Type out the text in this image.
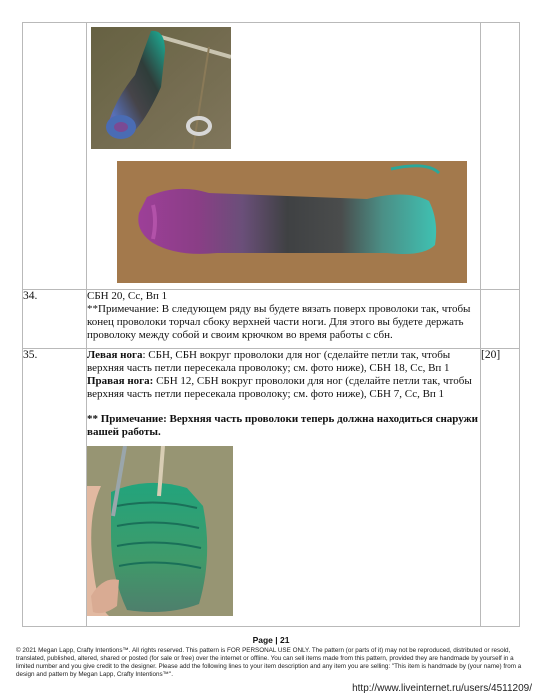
34.	СБН 20, Сс, Вп 1

**Примечание: В следующем ряду вы будете вязать поверх проволоки так, чтобы конец проволоки торчал сбоку верхней части ноги. Для этого вы будете держать проволоку между собой и своим крючком во время работы с сбн.	

35.	Левая нога: СБН, СБН вокруг проволоки для ног (сделайте петли так, чтобы верхняя часть петли пересекала проволоку; см. фото ниже), СБН 18, Сс, Вп 1

Правая нога: СБН 12, СБН вокруг проволоки для ног (сделайте петли так, чтобы верхняя часть петли пересекала проволоку; см. фото ниже), СБН 7, Сс, Вп 1

** Примечание: Верхняя часть проволоки теперь должна находиться снаружи вашей работы.	[20]
Page | 21
© 2021 Megan Lapp, Crafty Intentions™. All rights reserved. This pattern is FOR PERSONAL USE ONLY. The pattern (or parts of it) may not be reproduced, distributed or resold, translated, published, altered, shared or posted (for sale or free) over the internet or offline. You can sell items made from this pattern, provided they are handmade by yourself in a limited number and you give credit to the designer. Please add the following lines to your item description and any item you are selling: "This item is handmade by (your name) from a design and pattern by Megan Lapp, Crafty Intentions™".
http://www.liveinternet.ru/users/4511209/
